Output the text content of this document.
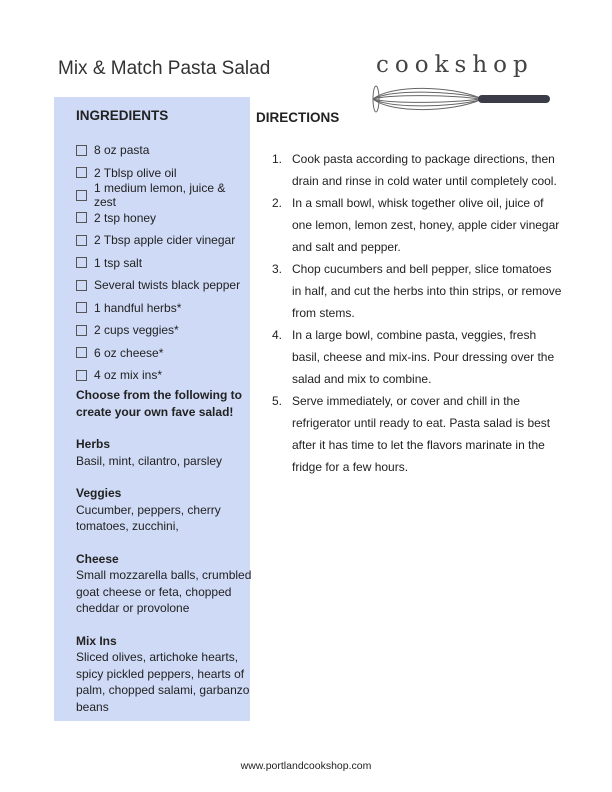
Mix & Match Pasta Salad	cookshop
INGREDIENTS
8 oz pasta
2 Tblsp olive oil
1 medium lemon, juice & zest
2 tsp honey
2 Tbsp apple cider vinegar
1 tsp salt
Several twists black pepper
1 handful herbs*
2 cups veggies*
6 oz cheese*
4 oz mix ins*

Choose from the following to create your own fave salad!

Herbs
Basil, mint, cilantro, parsley

Veggies
Cucumber, peppers, cherry tomatoes, zucchini,

Cheese
Small mozzarella balls, crumbled goat cheese or feta, chopped cheddar or provolone

Mix Ins
Sliced olives, artichoke hearts, spicy pickled peppers, hearts of palm, chopped salami, garbanzo beans

DIRECTIONS
1. Cook pasta according to package directions, then drain and rinse in cold water until completely cool.
2. In a small bowl, whisk together olive oil, juice of one lemon, lemon zest, honey, apple cider vinegar and salt and pepper.
3. Chop cucumbers and bell pepper, slice tomatoes in half, and cut the herbs into thin strips, or remove from stems.
4. In a large bowl, combine pasta, veggies, fresh basil, cheese and mix-ins. Pour dressing over the salad and mix to combine.
5. Serve immediately, or cover and chill in the refrigerator until ready to eat. Pasta salad is best after it has time to let the flavors marinate in the fridge for a few hours.
www.portlandcookshop.com
